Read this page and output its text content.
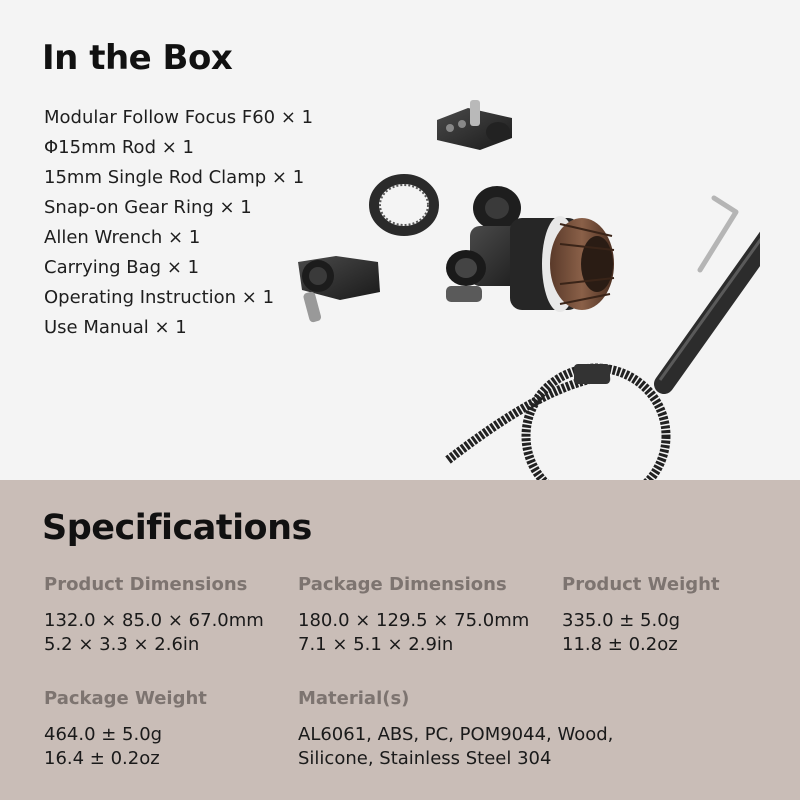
In the Box
Modular Follow Focus F60 × 1
Φ15mm Rod × 1
15mm Single Rod Clamp × 1
Snap-on Gear Ring × 1
Allen Wrench × 1
Carrying Bag × 1
Operating Instruction × 1
Use Manual × 1
Specifications
Product Dimensions
132.0 × 85.0 × 67.0mm
5.2 × 3.3 × 2.6in
Package Dimensions
180.0 × 129.5 × 75.0mm
7.1 × 5.1 × 2.9in
Product Weight
335.0 ± 5.0g
11.8 ± 0.2oz
Package Weight
464.0 ± 5.0g
16.4 ± 0.2oz
Material(s)
AL6061, ABS, PC, POM9044, Wood,
Silicone, Stainless Steel 304
